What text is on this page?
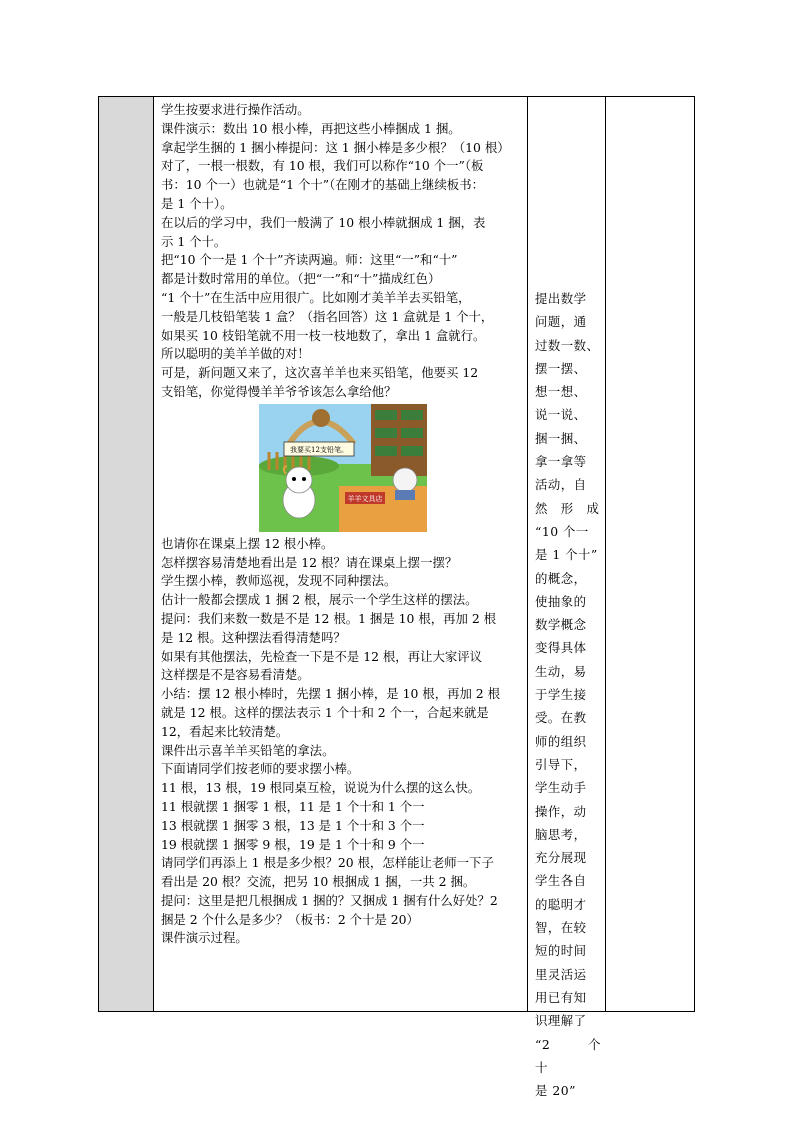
学生按要求进行操作活动。

课件演示：数出 10 根小棒，再把这些小棒捆成 1 捆。

拿起学生捆的 1 捆小棒提问：这 1 捆小棒是多少根？（10 根）

对了，一根一根数，有 10 根，我们可以称作“10 个一”（板

书：10 个一）也就是“1 个十”（在刚才的基础上继续板书：

是 1 个十）。

在以后的学习中，我们一般满了 10 根小棒就捆成 1 捆，表

示 1 个十。

把“10 个一是 1 个十”齐读两遍。师：这里“一”和“十”

都是计数时常用的单位。（把“一”和“十”描成红色）

“1 个十”在生活中应用很广。比如刚才美羊羊去买铅笔，

一般是几枝铅笔装 1 盒？（指名回答）这 1 盒就是 1 个十，

如果买 10 枝铅笔就不用一枝一枝地数了，拿出 1 盒就行。

所以聪明的美羊羊做的对！

可是，新问题又来了，这次喜羊羊也来买铅笔，他要买 12

支铅笔，你觉得慢羊羊爷爷该怎么拿给他？

我要买12支铅笔。
羊羊文具店

也请你在课桌上摆 12 根小棒。

怎样摆容易清楚地看出是 12 根？请在课桌上摆一摆？

学生摆小棒，教师巡视，发现不同种摆法。

估计一般都会摆成 1 捆 2 根，展示一个学生这样的摆法。

提问：我们来数一数是不是 12 根。1 捆是 10 根，再加 2 根

是 12 根。这种摆法看得清楚吗？

如果有其他摆法，先检查一下是不是 12 根，再让大家评议

这样摆是不是容易看清楚。

小结：摆 12 根小棒时，先摆 1 捆小棒，是 10 根，再加 2 根

就是 12 根。这样的摆法表示 1 个十和 2 个一，合起来就是

12，看起来比较清楚。

课件出示喜羊羊买铅笔的拿法。

下面请同学们按老师的要求摆小棒。

11 根，13 根，19 根同桌互检，说说为什么摆的这么快。

11 根就摆 1 捆零 1 根，11 是 1 个十和 1 个一

13 根就摆 1 捆零 3 根，13 是 1 个十和 3 个一

19 根就摆 1 捆零 9 根，19 是 1 个十和 9 个一

请同学们再添上 1 根是多少根？20 根，怎样能让老师一下子

看出是 20 根？交流，把另 10 根捆成 1 捆，一共 2 捆。

提问：这里是把几根捆成 1 捆的？又捆成 1 捆有什么好处？2

捆是 2 个什么是多少？（板书：2 个十是 20）

课件演示过程。

提出数学

问题，通

过数一数、

摆一摆、

想一想、

说一说、

捆一捆、

拿一拿等

活动，自

然　形　成

“10 个一

是 1 个十”

的概念，

使抽象的

数学概念

变得具体

生动，易

于学生接

受。在教

师的组织

引导下，

学生动手

操作，动

脑思考，

充分展现

学生各自

的聪明才

智，在较

短的时间

里灵活运

用已有知

识理解了

“2　个　十

是 20”
